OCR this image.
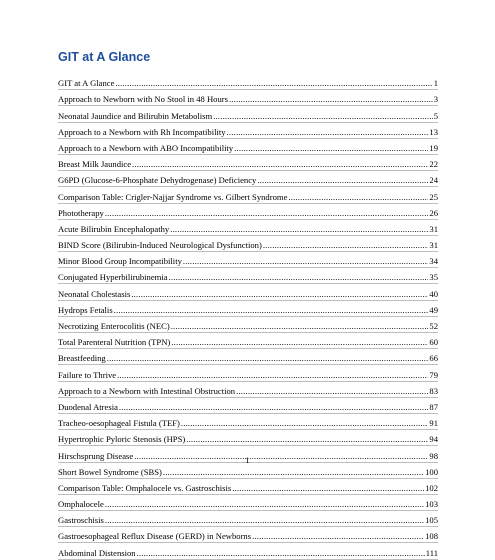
GIT at A Glance
GIT at A Glance .....	1
Approach to Newborn with No Stool in 48 Hours .....	3
Neonatal Jaundice and Bilirubin Metabolism .....	5
Approach to a Newborn with Rh Incompatibility .....	13
Approach to a Newborn with ABO Incompatibility .....	19
Breast Milk Jaundice .....	22
G6PD (Glucose-6-Phosphate Dehydrogenase) Deficiency .....	24
Comparison Table: Crigler-Najjar Syndrome vs. Gilbert Syndrome .....	25
Phototherapy .....	26
Acute Bilirubin Encephalopathy .....	31
BIND Score (Bilirubin-Induced Neurological Dysfunction) .....	31
Minor Blood Group Incompatibility .....	34
Conjugated Hyperbilirubinemia .....	35
Neonatal Cholestasis .....	40
Hydrops Fetalis .....	49
Necrotizing Enterocolitis (NEC) .....	52
Total Parenteral Nutrition (TPN) .....	60
Breastfeeding .....	66
Failure to Thrive .....	79
Approach to a Newborn with Intestinal Obstruction .....	83
Duodenal Atresia .....	87
Tracheo-oesophageal Fistula (TEF) .....	91
Hypertrophic Pyloric Stenosis (HPS) .....	94
Hirschsprung Disease .....	98
Short Bowel Syndrome (SBS) .....	100
Comparison Table: Omphalocele vs. Gastroschisis .....	102
Omphalocele .....	103
Gastroschisis .....	105
Gastroesophageal Reflux Disease (GERD) in Newborns .....	108
Abdominal Distension .....	111
1
